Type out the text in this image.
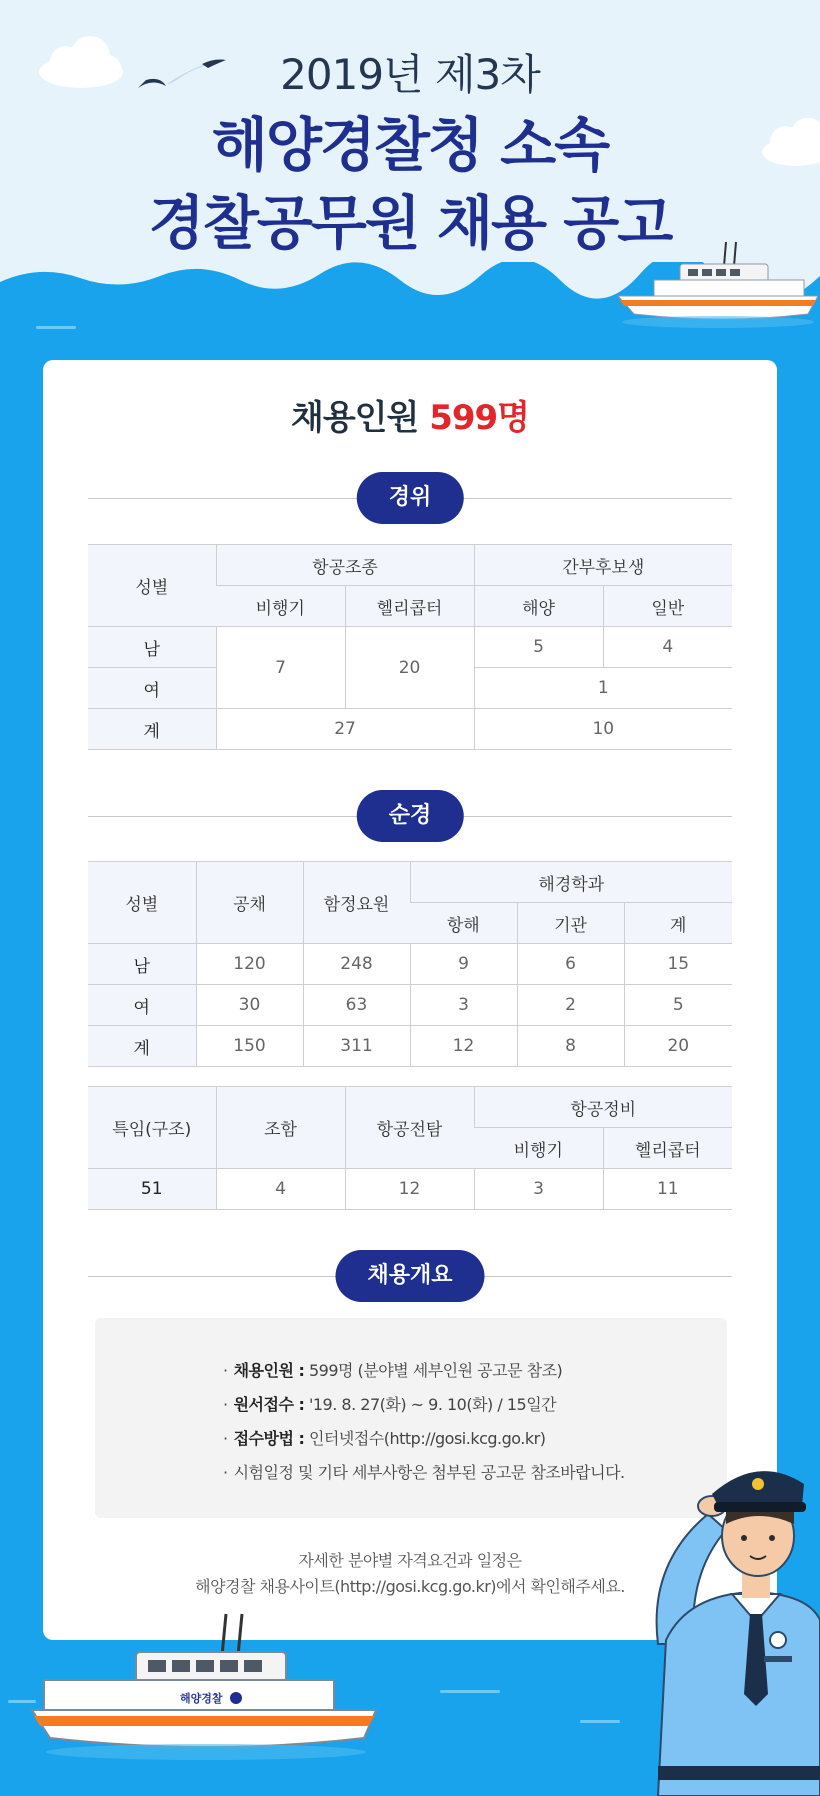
2019년 제3차
해양경찰청 소속
경찰공무원 채용 공고
채용인원 599명
경위
성별	항공조종		간부후보생	
	비행기	헬리콥터	해양	일반
남	7	20	5	4
여			1	
계	27		10	
순경
성별	공채	함정요원	해경학과		
			항해	기관	계
남	120	248	9	6	15
여	30	63	3	2	5
계	150	311	12	8	20
특임(구조)	조함	항공전탐	항공정비	
			비행기	헬리콥터
51	4	12	3	11
채용개요
· 채용인원 : 599명 (분야별 세부인원 공고문 참조)
· 원서접수 : '19. 8. 27(화) ~ 9. 10(화) / 15일간
· 접수방법 : 인터넷접수(http://gosi.kcg.go.kr)
· 시험일정 및 기타 세부사항은 첨부된 공고문 참조바랍니다.
자세한 분야별 자격요건과 일정은
해양경찰 채용사이트(http://gosi.kcg.go.kr)에서 확인해주세요.
해양경찰
